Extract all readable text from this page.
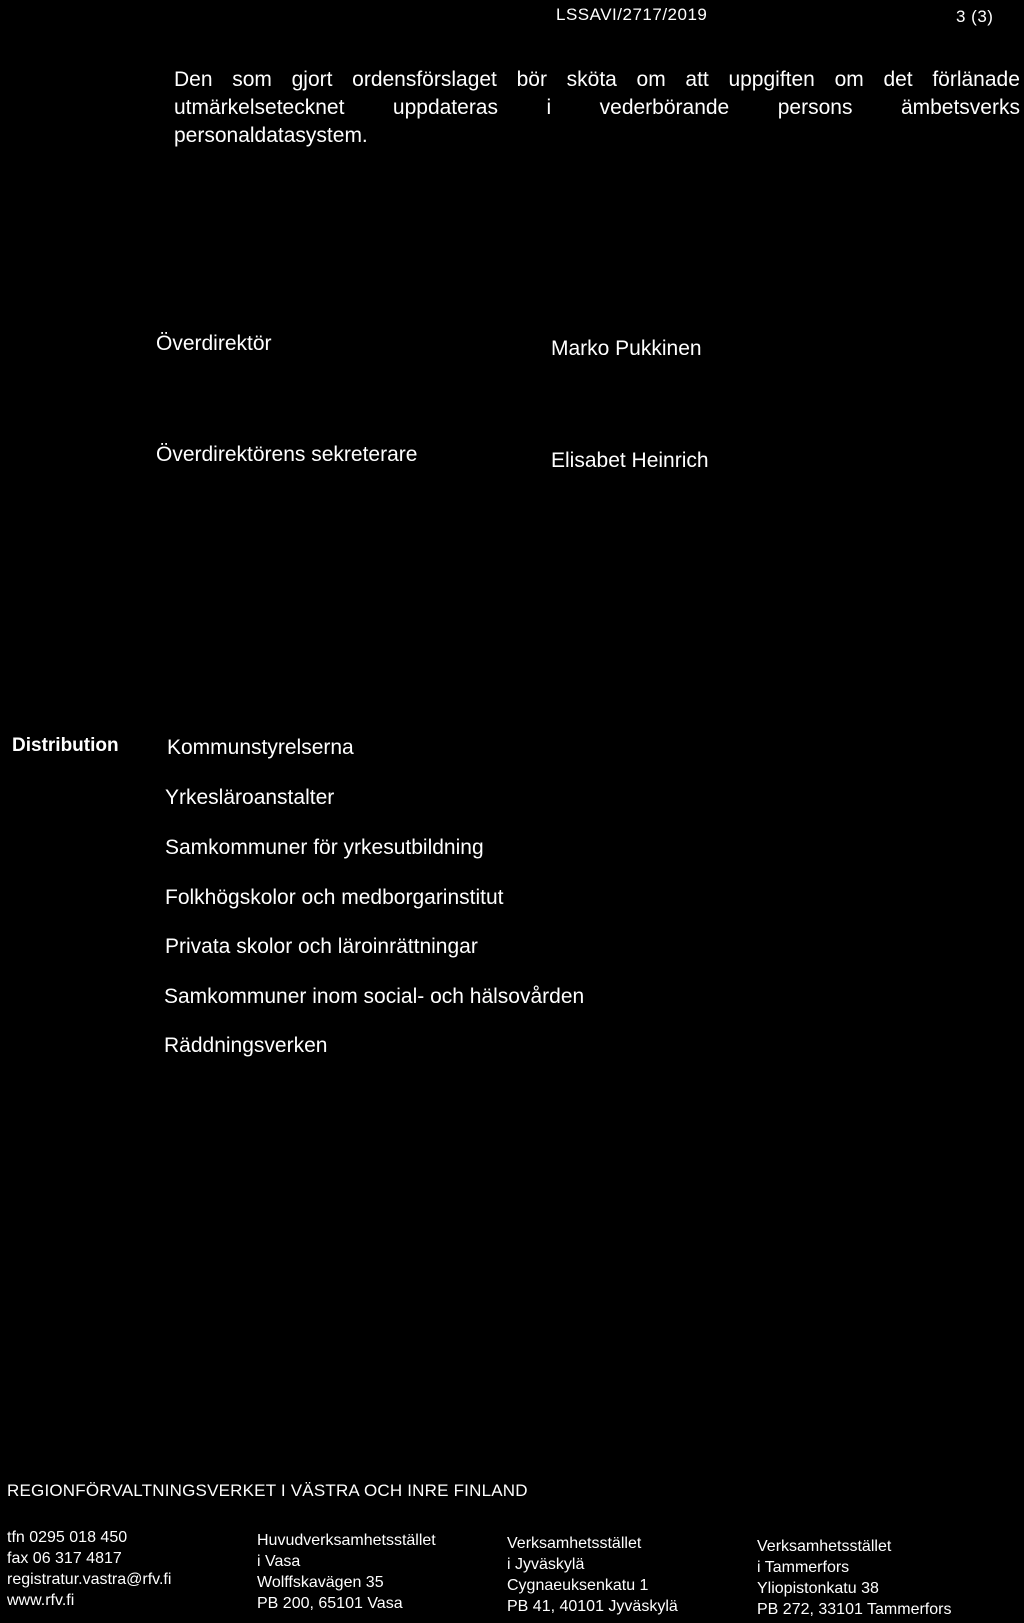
LSSAVI/2717/2019	3 (3)
Den som gjort ordensförslaget bör sköta om att uppgiften om det förlänade
utmärkelsetecknet uppdateras i vederbörande persons ämbetsverks
personaldatasystem.
Överdirektör	Marko Pukkinen
Överdirektörens sekreterare	Elisabet Heinrich
Distribution Kommunstyrelserna
Yrkesläroanstalter
Samkommuner för yrkesutbildning
Folkhögskolor och medborgarinstitut
Privata skolor och läroinrättningar
Samkommuner inom social- och hälsovården
Räddningsverken
REGIONFÖRVALTNINGSVERKET I VÄSTRA OCH INRE FINLAND
tfn 0295 018 450
fax 06 317 4817
registratur.vastra@rfv.fi
www.rfv.fi
Huvudverksamhetsstället
i Vasa
Wolffskavägen 35
PB 200, 65101 Vasa
Verksamhetsstället
i Jyväskylä
Cygnaeuksenkatu 1
PB 41, 40101 Jyväskylä
Verksamhetsstället
i Tammerfors
Yliopistonkatu 38
PB 272, 33101 Tammerfors
